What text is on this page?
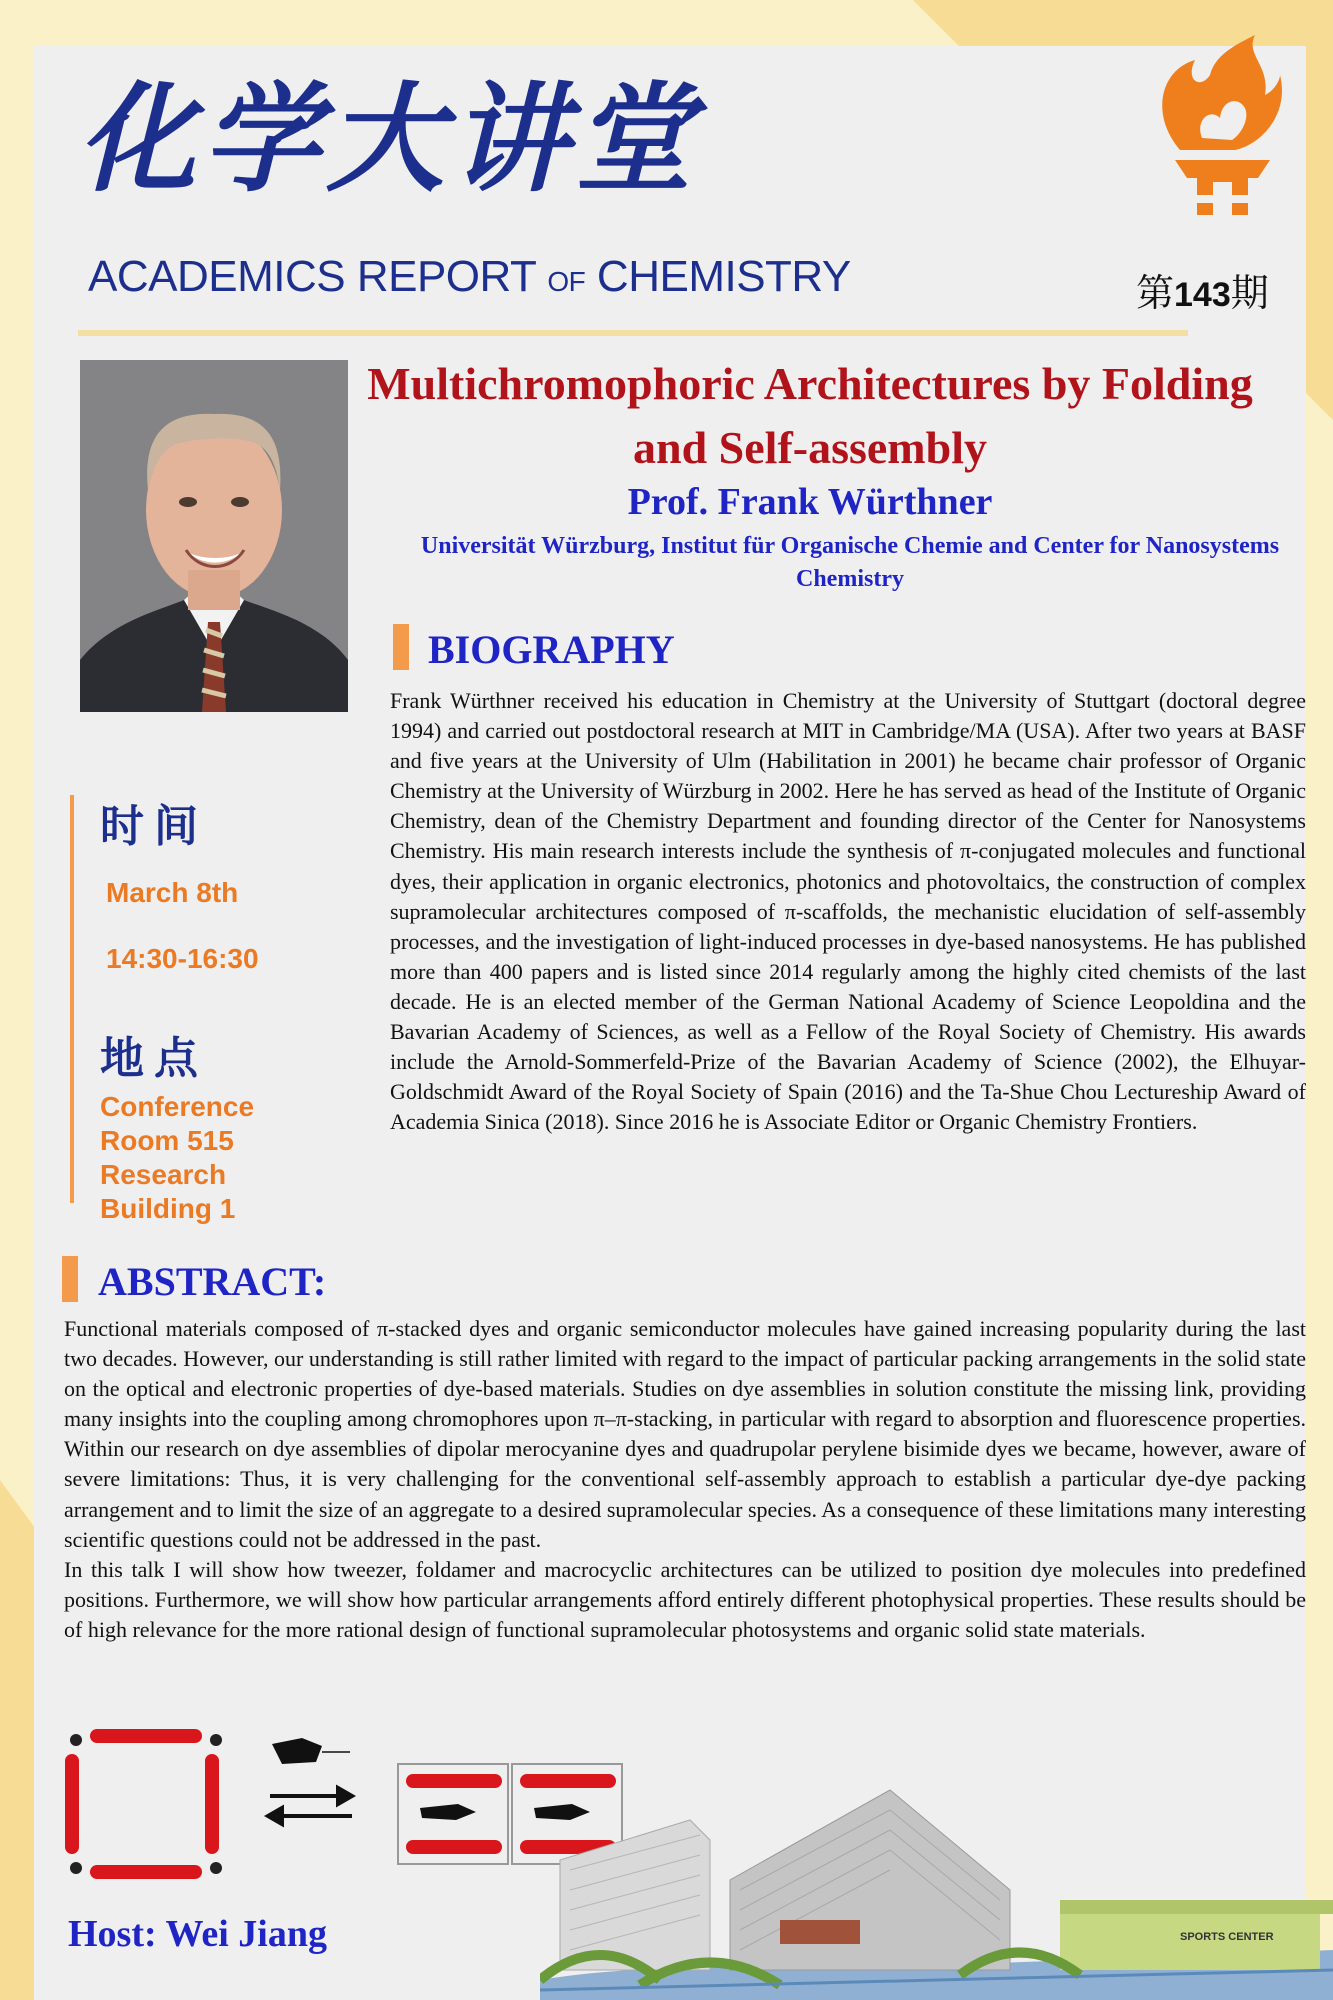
化学大讲堂
ACADEMICS REPORT OF CHEMISTRY	第143期
Multichromophoric Architectures by Folding and Self-assembly
Prof. Frank Würthner
Universität Würzburg, Institut für Organische Chemie and Center for Nanosystems Chemistry
BIOGRAPHY
Frank Würthner received his education in Chemistry at the University of Stuttgart (doctoral degree 1994) and carried out postdoctoral research at MIT in Cambridge/MA (USA). After two years at BASF and five years at the University of Ulm (Habilitation in 2001) he became chair professor of Organic Chemistry at the University of Würzburg in 2002. Here he has served as head of the Institute of Organic Chemistry, dean of the Chemistry Department and founding director of the Center for Nanosystems Chemistry. His main research interests include the synthesis of π-conjugated molecules and functional dyes, their application in organic electronics, photonics and photovoltaics, the construction of complex supramolecular architectures composed of π-scaffolds, the mechanistic elucidation of self-assembly processes, and the investigation of light-induced processes in dye-based nanosystems. He has published more than 400 papers and is listed since 2014 regularly among the highly cited chemists of the last decade. He is an elected member of the German National Academy of Science Leopoldina and the Bavarian Academy of Sciences, as well as a Fellow of the Royal Society of Chemistry. His awards include the Arnold-Sommerfeld-Prize of the Bavarian Academy of Science (2002), the Elhuyar-Goldschmidt Award of the Royal Society of Spain (2016) and the Ta-Shue Chou Lectureship Award of Academia Sinica (2018). Since 2016 he is Associate Editor or Organic Chemistry Frontiers.
时间
March 8th
14:30-16:30
地点
Conference
Room 515
Research
Building 1
ABSTRACT:

Functional materials composed of π-stacked dyes and organic semiconductor molecules have gained increasing popularity during the last two decades. However, our understanding is still rather limited with regard to the impact of particular packing arrangements in the solid state on the optical and electronic properties of dye-based materials. Studies on dye assemblies in solution constitute the missing link, providing many insights into the coupling among chromophores upon π–π-stacking, in particular with regard to absorption and fluorescence properties. Within our research on dye assemblies of dipolar merocyanine dyes and quadrupolar perylene bisimide dyes we became, however, aware of severe limitations: Thus, it is very challenging for the conventional self-assembly approach to establish a particular dye-dye packing arrangement and to limit the size of an aggregate to a desired supramolecular species. As a consequence of these limitations many interesting scientific questions could not be addressed in the past.

In this talk I will show how tweezer, foldamer and macrocyclic architectures can be utilized to position dye molecules into predefined positions. Furthermore, we will show how particular arrangements afford entirely different photophysical properties. These results should be of high relevance for the more rational design of functional supramolecular photosystems and organic solid state materials.

SPORTS CENTER
Host: Wei Jiang
